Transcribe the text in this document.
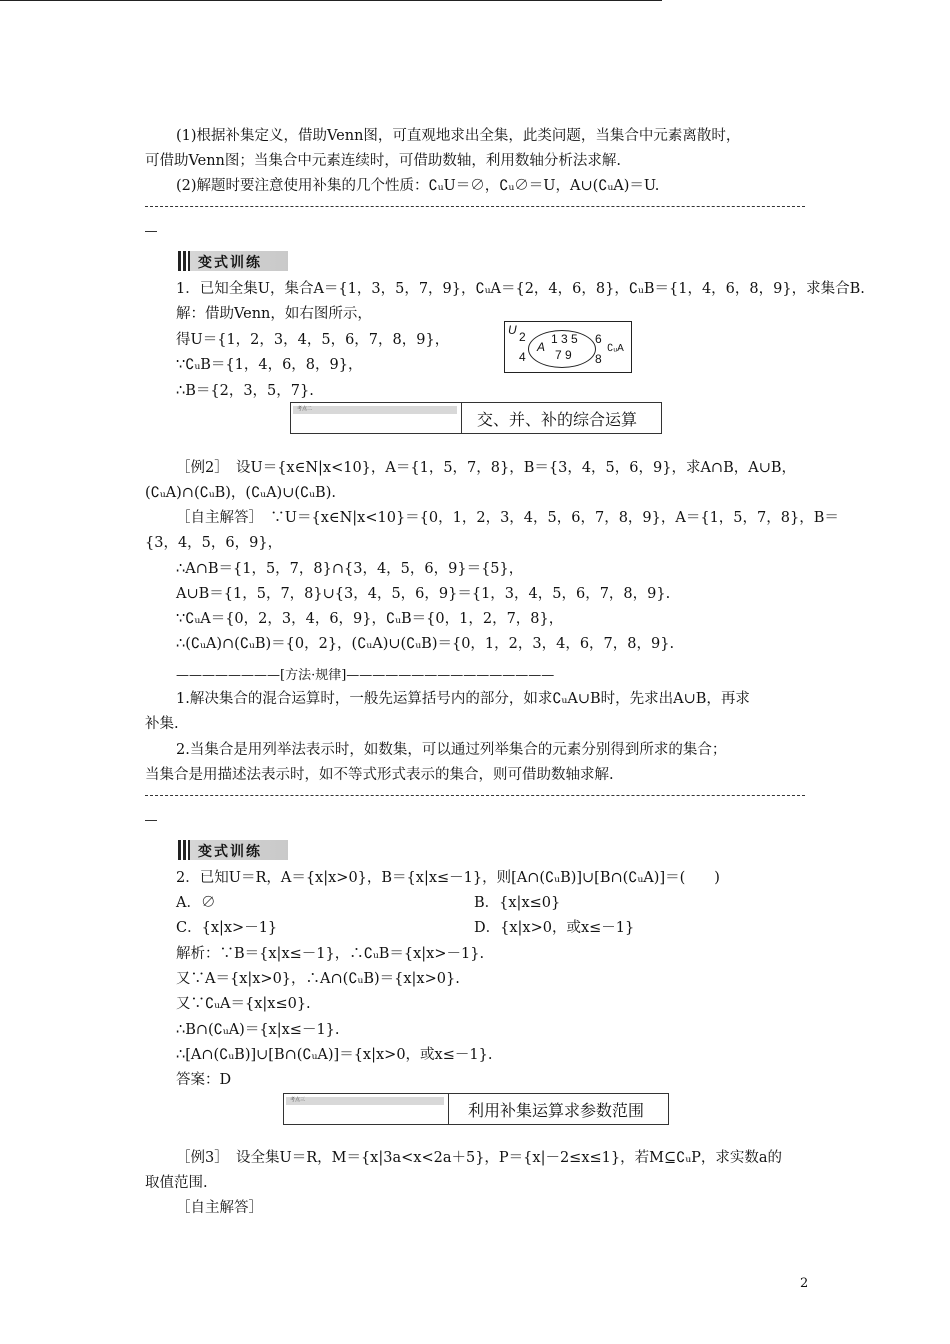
(1)根据补集定义，借助Venn图，可直观地求出全集，此类问题，当集合中元素离散时，
可借助Venn图；当集合中元素连续时，可借助数轴，利用数轴分析法求解.
(2)解题时要注意使用补集的几个性质：∁ᵤU＝∅，∁ᵤ∅＝U，A∪(∁ᵤA)＝U.
变式训练
1．已知全集U，集合A＝{1，3，5，7，9}，∁ᵤA＝{2，4，6，8}，∁ᵤB＝{1，4，6，8，9}，求集合B.
解：借助Venn，如右图所示，
得U＝{1，2，3，4，5，6，7，8，9}，
∵∁ᵤB＝{1，4，6，8，9}，
∴B＝{2，3，5，7}.
U 2
4
A
1 3 5
7 9
6
8
∁ᵤA
考点二
交、并、补的综合运算
［例2］　设U＝{x∈N|x<10}，A＝{1，5，7，8}，B＝{3，4，5，6，9}，求A∩B，A∪B，
(∁ᵤA)∩(∁ᵤB)，(∁ᵤA)∪(∁ᵤB).
［自主解答］　∵U＝{x∈N|x<10}＝{0，1，2，3，4，5，6，7，8，9}，A＝{1，5，7，8}，B＝
{3，4，5，6，9}，
∴A∩B＝{1，5，7，8}∩{3，4，5，6，9}＝{5}，
A∪B＝{1，5，7，8}∪{3，4，5，6，9}＝{1，3，4，5，6，7，8，9}.
∵∁ᵤA＝{0，2，3，4，6，9}，∁ᵤB＝{0，1，2，7，8}，
∴(∁ᵤA)∩(∁ᵤB)＝{0，2}，(∁ᵤA)∪(∁ᵤB)＝{0，1，2，3，4，6，7，8，9}.
————————[方法·规律]————————————————
1.解决集合的混合运算时，一般先运算括号内的部分，如求∁ᵤA∪B时，先求出A∪B，再求
补集.
2.当集合是用列举法表示时，如数集，可以通过列举集合的元素分别得到所求的集合；
当集合是用描述法表示时，如不等式形式表示的集合，则可借助数轴求解.
变式训练
2．已知U＝R，A＝{x|x>0}，B＝{x|x≤－1}，则[A∩(∁ᵤB)]∪[B∩(∁ᵤA)]＝(　　)
A．∅	B．{x|x≤0}
C．{x|x>－1}	D．{x|x>0，或x≤－1}
解析：∵B＝{x|x≤－1}，∴∁ᵤB＝{x|x>－1}.
又∵A＝{x|x>0}，∴A∩(∁ᵤB)＝{x|x>0}.
又∵∁ᵤA＝{x|x≤0}.
∴B∩(∁ᵤA)＝{x|x≤－1}.
∴[A∩(∁ᵤB)]∪[B∩(∁ᵤA)]＝{x|x>0，或x≤－1}.
答案：D
考点三
利用补集运算求参数范围
［例3］　设全集U＝R，M＝{x|3a<x<2a＋5}，P＝{x|－2≤x≤1}，若M⊆∁ᵤP，求实数a的
取值范围.
［自主解答］
2
